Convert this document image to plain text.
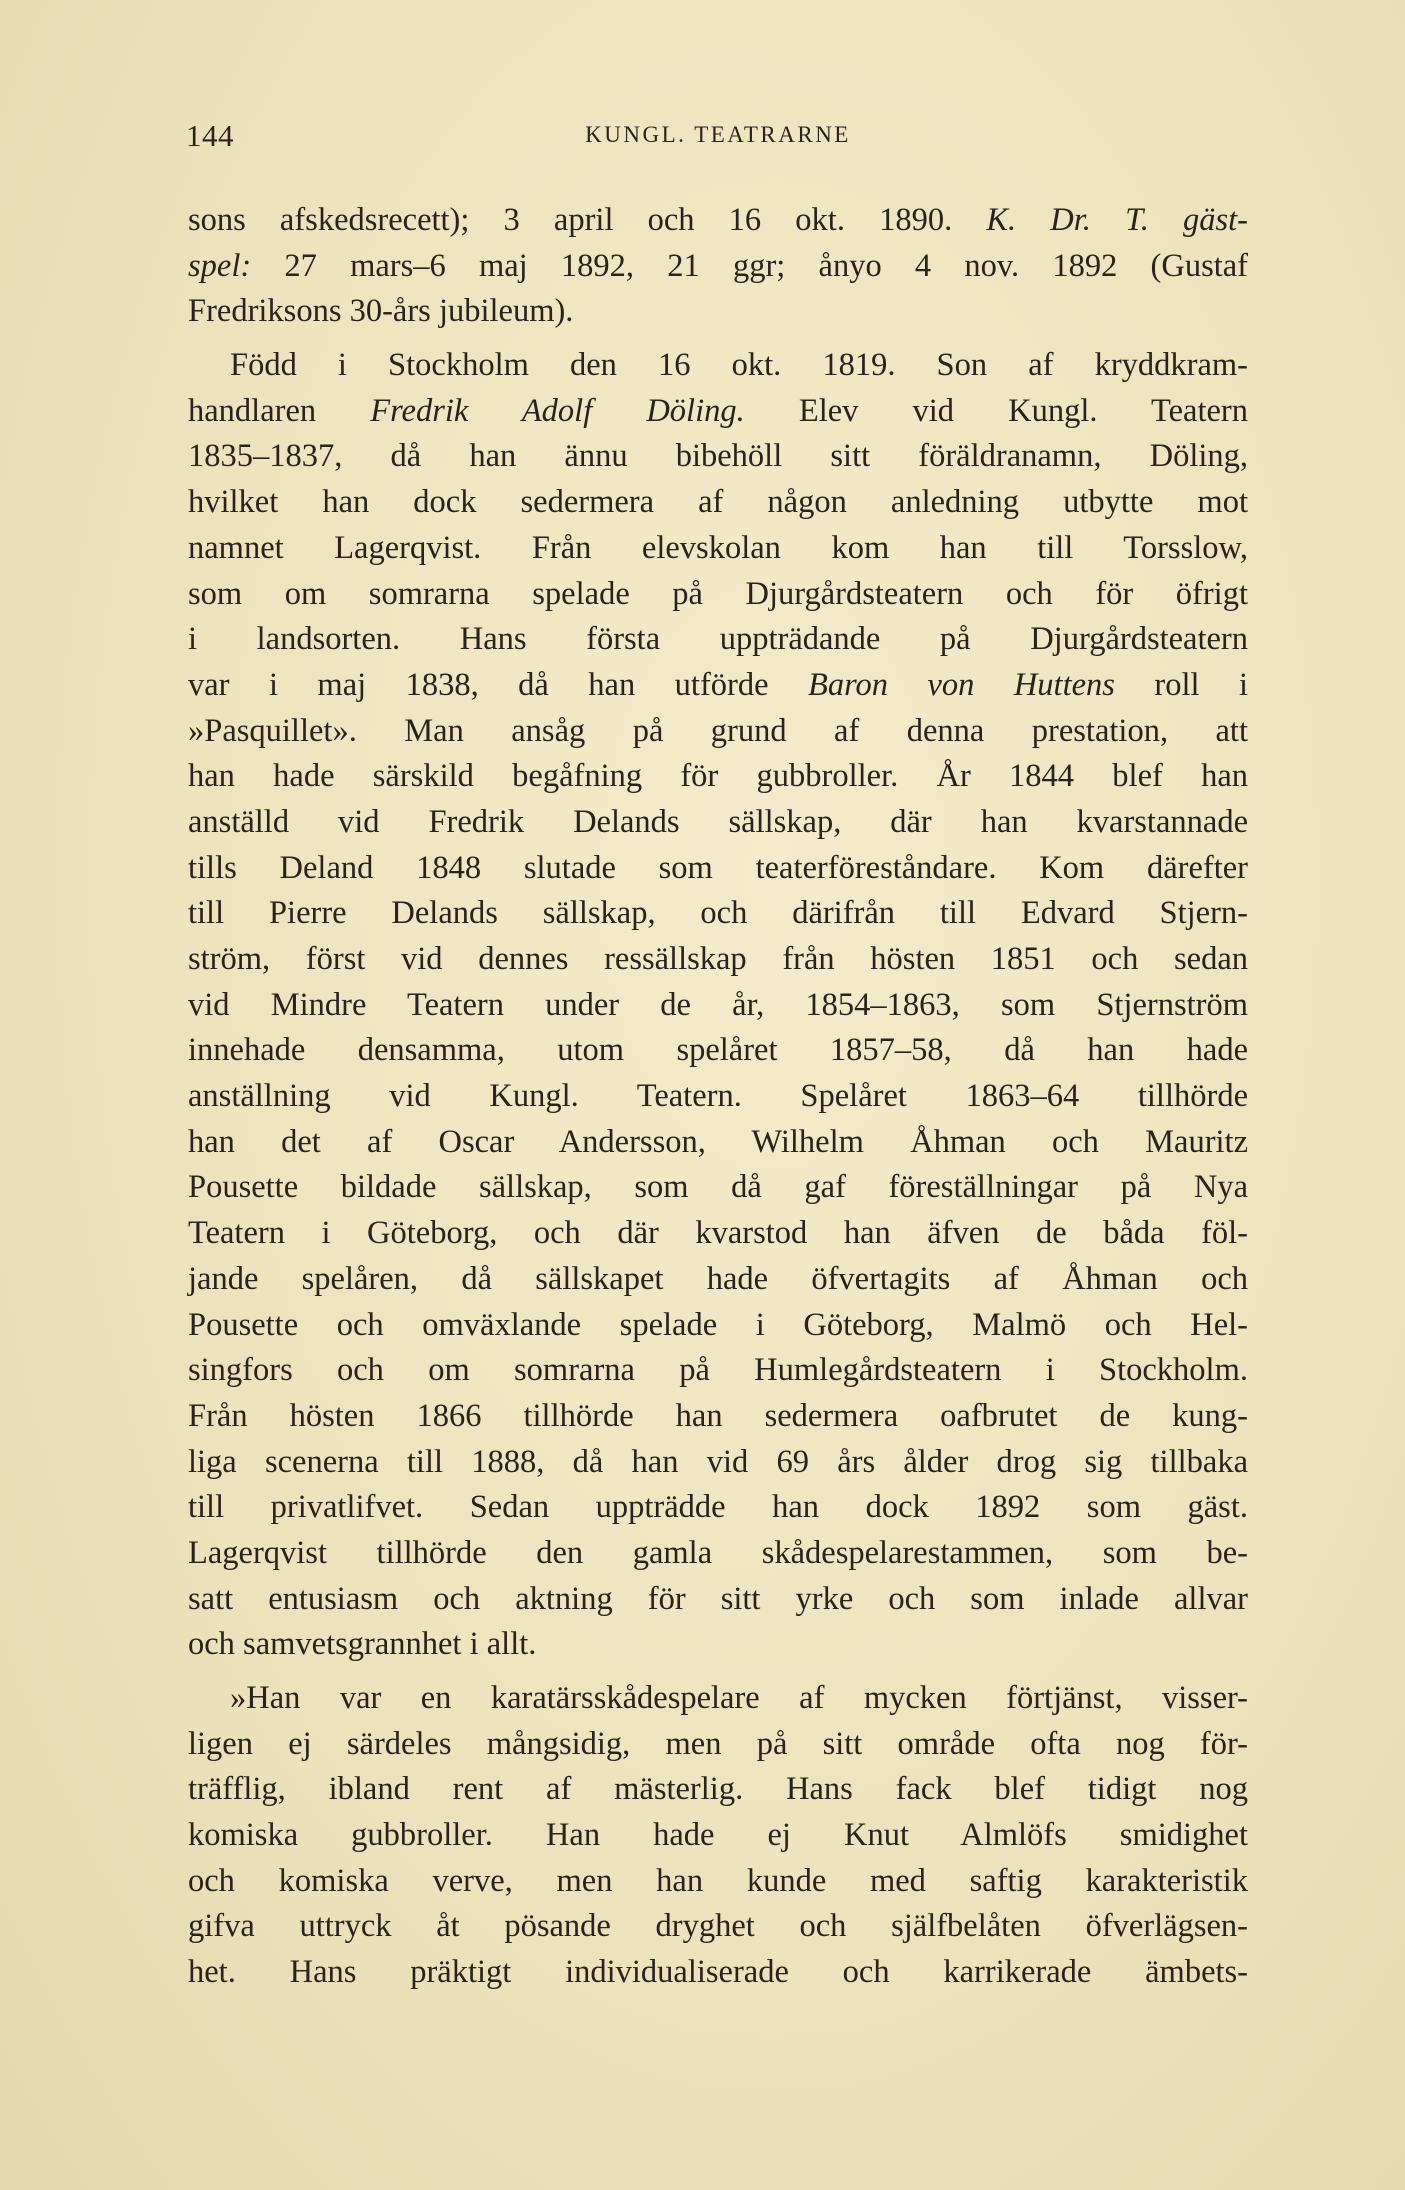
144	KUNGL. TEATRARNE

sons afskedsrecett); 3 april och 16 okt. 1890. K. Dr. T. gäst-
spel: 27 mars–6 maj 1892, 21 ggr; ånyo 4 nov. 1892 (Gustaf
Fredriksons 30-års jubileum).

Född i Stockholm den 16 okt. 1819. Son af kryddkram-
handlaren Fredrik Adolf Döling. Elev vid Kungl. Teatern
1835–1837, då han ännu bibehöll sitt föräldranamn, Döling,
hvilket han dock sedermera af någon anledning utbytte mot
namnet Lagerqvist. Från elevskolan kom han till Torsslow,
som om somrarna spelade på Djurgårdsteatern och för öfrigt
i landsorten. Hans första uppträdande på Djurgårdsteatern
var i maj 1838, då han utförde Baron von Huttens roll i
»Pasquillet». Man ansåg på grund af denna prestation, att
han hade särskild begåfning för gubbroller. År 1844 blef han
anställd vid Fredrik Delands sällskap, där han kvarstannade
tills Deland 1848 slutade som teaterföreståndare. Kom därefter
till Pierre Delands sällskap, och därifrån till Edvard Stjern-
ström, först vid dennes ressällskap från hösten 1851 och sedan
vid Mindre Teatern under de år, 1854–1863, som Stjernström
innehade densamma, utom spelåret 1857–58, då han hade
anställning vid Kungl. Teatern. Spelåret 1863–64 tillhörde
han det af Oscar Andersson, Wilhelm Åhman och Mauritz
Pousette bildade sällskap, som då gaf föreställningar på Nya
Teatern i Göteborg, och där kvarstod han äfven de båda föl-
jande spelåren, då sällskapet hade öfvertagits af Åhman och
Pousette och omväxlande spelade i Göteborg, Malmö och Hel-
singfors och om somrarna på Humlegårdsteatern i Stockholm.
Från hösten 1866 tillhörde han sedermera oafbrutet de kung-
liga scenerna till 1888, då han vid 69 års ålder drog sig tillbaka
till privatlifvet. Sedan uppträdde han dock 1892 som gäst.
Lagerqvist tillhörde den gamla skådespelarestammen, som be-
satt entusiasm och aktning för sitt yrke och som inlade allvar
och samvetsgrannhet i allt.

»Han var en karatärsskådespelare af mycken förtjänst, visser-
ligen ej särdeles mångsidig, men på sitt område ofta nog för-
träfflig, ibland rent af mästerlig. Hans fack blef tidigt nog
komiska gubbroller. Han hade ej Knut Almlöfs smidighet
och komiska verve, men han kunde med saftig karakteristik
gifva uttryck åt pösande dryghet och själfbelåten öfverlägsen-
het. Hans präktigt individualiserade och karrikerade ämbets-
